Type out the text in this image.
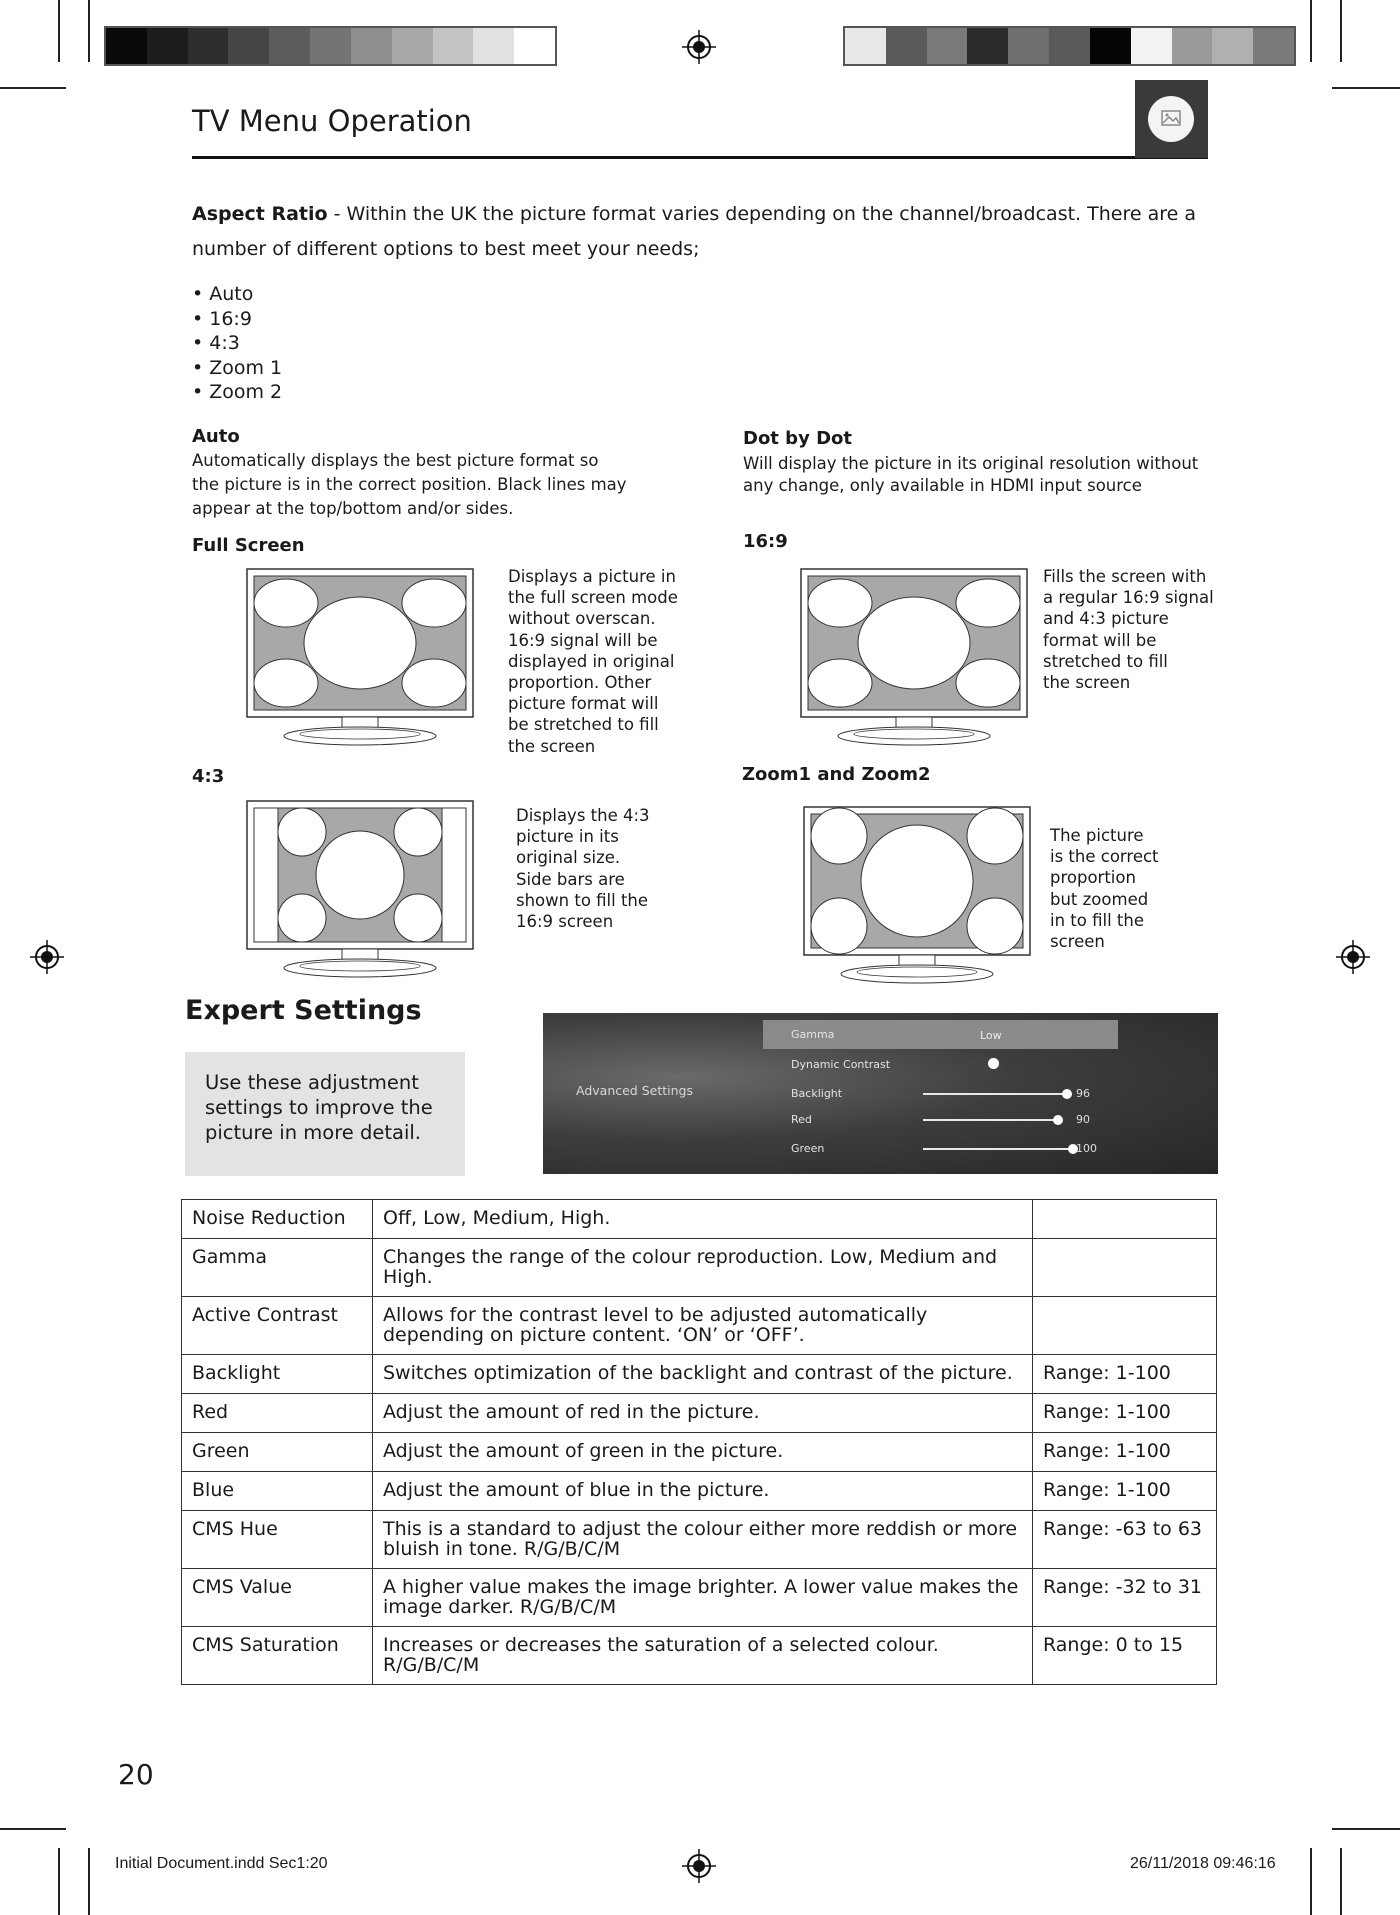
TV Menu Operation
Aspect Ratio - Within the UK the picture format varies depending on the channel/broadcast. There are a
number of different options to best meet your needs;
• Auto
• 16:9
• 4:3
• Zoom 1
• Zoom 2
Auto
Automatically displays the best picture format so
the picture is in the correct position. Black lines may
appear at the top/bottom and/or sides.
Dot by Dot
Will display the picture in its original resolution without
any change, only available in HDMI input source
Full Screen
Displays a picture in
the full screen mode
without overscan.
16:9 signal will be
displayed in original
proportion. Other
picture format will
be stretched to fill
the screen
16:9
Fills the screen with
a regular 16:9 signal
and 4:3 picture
format will be
stretched to fill
the screen
4:3
Displays the 4:3
picture in its
original size.
Side bars are
shown to fill the
16:9 screen
Zoom1 and Zoom2
The picture
is the correct
proportion
but zoomed
in to fill the
screen
Expert Settings
Use these adjustment
settings to improve the
picture in more detail.
Advanced Settings
Gamma	Low
Dynamic Contrast
Backlight	96
Red	90
Green	100
Noise Reduction	Off, Low, Medium, High.	
Gamma	Changes the range of the colour reproduction. Low, Medium and High.	
Active Contrast	Allows for the contrast level to be adjusted automatically depending on picture content. ‘ON’ or ‘OFF’.	
Backlight	Switches optimization of the backlight and contrast of the picture.	Range: 1-100
Red	Adjust the amount of red in the picture.	Range: 1-100
Green	Adjust the amount of green in the picture.	Range: 1-100
Blue	Adjust the amount of blue in the picture.	Range: 1-100
CMS Hue	This is a standard to adjust the colour either more reddish or more bluish in tone. R/G/B/C/M	Range: -63 to 63
CMS Value	A higher value makes the image brighter. A lower value makes the image darker. R/G/B/C/M	Range: -32 to 31
CMS Saturation	Increases or decreases the saturation of a selected colour. R/G/B/C/M	Range: 0 to 15
20
Initial Document.indd Sec1:20	26/11/2018 09:46:16
